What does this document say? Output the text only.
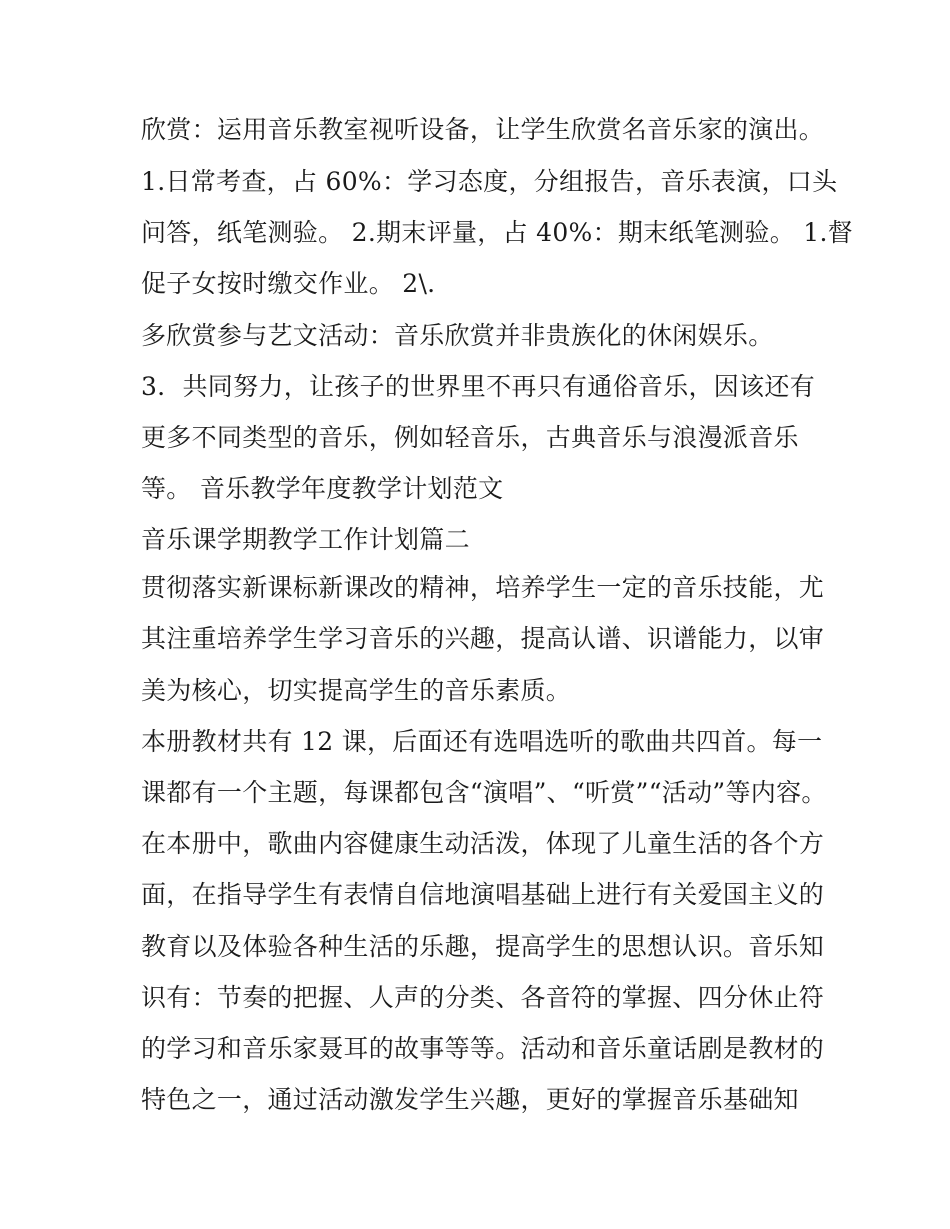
欣赏：运用音乐教室视听设备，让学生欣赏名音乐家的演出。
1.日常考查，占 60%：学习态度，分组报告，音乐表演，口头
问答，纸笔测验。 2.期末评量，占 40%：期末纸笔测验。 1.督
促子女按时缴交作业。 2\.
多欣赏参与艺文活动：音乐欣赏并非贵族化的休闲娱乐。
3．共同努力，让孩子的世界里不再只有通俗音乐，因该还有
更多不同类型的音乐，例如轻音乐，古典音乐与浪漫派音乐
等。 音乐教学年度教学计划范文
音乐课学期教学工作计划篇二
贯彻落实新课标新课改的精神，培养学生一定的音乐技能，尤
其注重培养学生学习音乐的兴趣，提高认谱、识谱能力，以审
美为核心，切实提高学生的音乐素质。
本册教材共有 12 课，后面还有选唱选听的歌曲共四首。每一
课都有一个主题，每课都包含“演唱”、“听赏”“活动”等内容。
在本册中，歌曲内容健康生动活泼，体现了儿童生活的各个方
面，在指导学生有表情自信地演唱基础上进行有关爱国主义的
教育以及体验各种生活的乐趣，提高学生的思想认识。音乐知
识有：节奏的把握、人声的分类、各音符的掌握、四分休止符
的学习和音乐家聂耳的故事等等。活动和音乐童话剧是教材的
特色之一，通过活动激发学生兴趣，更好的掌握音乐基础知
